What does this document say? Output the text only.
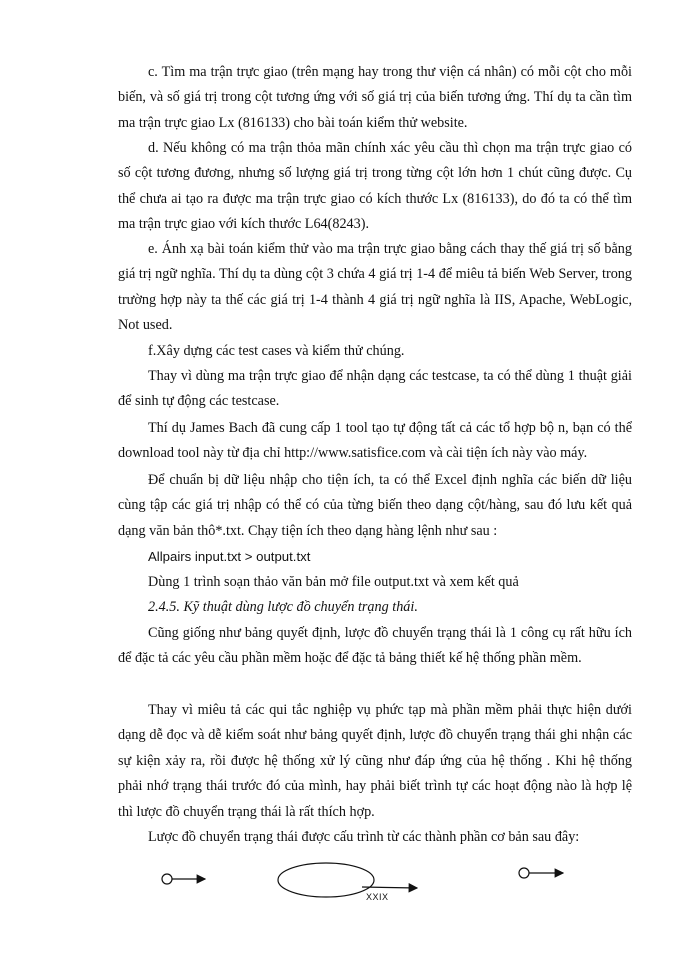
c. Tìm ma trận trực giao (trên mạng hay trong thư viện cá nhân) có mỗi cột cho mỗi biến, và số giá trị trong cột tương ứng với số giá trị của biến tương ứng. Thí dụ ta cần tìm ma trận trực giao Lx (816133) cho bài toán kiểm thử website.

d. Nếu không có ma trận thỏa mãn chính xác yêu cầu thì chọn ma trận trực giao có số cột tương đương, nhưng số lượng giá trị trong từng cột lớn hơn 1 chút cũng được. Cụ thể chưa ai tạo ra được ma trận trực giao có kích thước Lx (816133), do đó ta có thể tìm ma trận trực giao với kích thước L64(8243).

e. Ánh xạ bài toán kiểm thử vào ma trận trực giao bằng cách thay thế giá trị số bằng giá trị ngữ nghĩa. Thí dụ ta dùng cột 3 chứa 4 giá trị 1-4 để miêu tả biến Web Server, trong trường hợp này ta thế các giá trị 1-4 thành 4 giá trị ngữ nghĩa là IIS, Apache, WebLogic, Not used.

f.Xây dựng các test cases và kiểm thử chúng.

Thay vì dùng ma trận trực giao để nhận dạng các testcase, ta có thể dùng 1 thuật giải để sinh tự động các testcase.

Thí dụ James Bach đã cung cấp 1 tool tạo tự động tất cả các tổ hợp bộ n, bạn có thể download tool này từ địa chỉ http://www.satisfice.com và cài tiện ích này vào máy.

Để chuẩn bị dữ liệu nhập cho tiện ích, ta có thể Excel định nghĩa các biến dữ liệu cùng tập các giá trị nhập có thể có của từng biến theo dạng cột/hàng, sau đó lưu kết quả dạng văn bản thô*.txt. Chạy tiện ích theo dạng hàng lệnh như sau :

Allpairs input.txt > output.txt

Dùng 1 trình soạn thảo văn bản mở file output.txt và xem kết quả

2.4.5. Kỹ thuật dùng lược đồ chuyển trạng thái.

Cũng giống như bảng quyết định, lược đồ chuyển trạng thái là 1 công cụ rất hữu ích để đặc tả các yêu cầu phần mềm hoặc để đặc tả bảng thiết kế hệ thống phần mềm.

Thay vì miêu tả các qui tắc nghiệp vụ phức tạp mà phần mềm phải thực hiện dưới dạng dễ đọc và dễ kiểm soát như bảng quyết định, lược đồ chuyển trạng thái ghi nhận các sự kiện xảy ra, rồi được hệ thống xử lý cũng như đáp ứng của hệ thống . Khi hệ thống phải nhớ trạng thái trước đó của mình, hay phải biết trình tự các hoạt động nào là hợp lệ thì lược đồ chuyển trạng thái là rất thích hợp.

Lược đồ chuyển trạng thái được cấu trình từ các thành phần cơ bản sau đây:

XXIX
